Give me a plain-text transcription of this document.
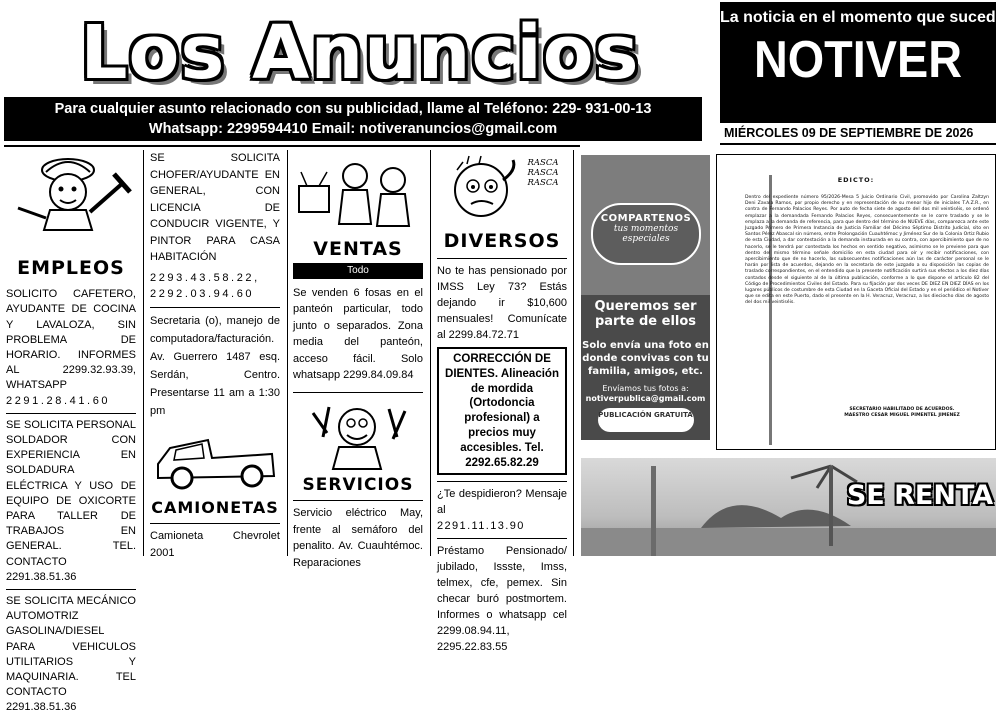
Los Anuncios
Para cualquier asunto relacionado con su publicidad, llame al Teléfono: 229- 931-00-13
Whatsapp: 2299594410 Email: notiveranuncios@gmail.com
La noticia en el momento que sucede
NOTIVER
MIÉRCOLES 09 DE SEPTIEMBRE DE 2026
EMPLEOS

SOLICITO CAFETERO, AYUDANTE DE COCINA Y LAVALOZA, SIN PROBLEMA DE HORARIO. INFORMES AL 2299.32.93.39, WHATSAPP

2291.28.41.60

SE SOLICITA PERSONAL SOLDADOR CON EXPERIENCIA EN SOLDADURA ELÉCTRICA Y USO DE EQUIPO DE OXICORTE PARA TALLER DE TRABAJOS EN GENERAL. TEL. CONTACTO 2291.38.51.36

SE SOLICITA MECÁNICO AUTOMOTRIZ GASOLINA/DIESEL PARA VEHICULOS UTILITARIOS Y MAQUINARIA. TEL CONTACTO 2291.38.51.36

SE SOLICITA CHOFER/AYUDANTE EN GENERAL, CON LICENCIA DE CONDUCIR VIGENTE, Y PINTOR PARA CASA HABITACIÓN

2293.43.58.22,

2292.03.94.60

Secretaria (o), manejo de computadora/facturación. Av. Guerrero 1487 esq. Serdán, Centro. Presentarse 11 am a 1:30 pm

CAMIONETAS

Camioneta Chevrolet 2001

VENTAS
Todo

Se venden 6 fosas en el panteón particular, todo junto o separados. Zona media del panteón, acceso fácil. Solo whatsapp 2299.84.09.84

SERVICIOS

Servicio eléctrico May, frente al semáforo del penalito. Av. Cuauhtémoc. Reparaciones

RASCA RASCA RASCA
DIVERSOS

No te has pensionado por IMSS Ley 73? Estás dejando ir $10,600 mensuales! Comunícate al 2299.84.72.71

CORRECCIÓN DE DIENTES. Alineación de mordida (Ortodoncia profesional) a precios muy accesibles. Tel. 2292.65.82.29

¿Te despidieron? Mensaje al

2291.11.13.90

Préstamo Pensionado/ jubilado, Issste, Imss, telmex, cfe, pemex. Sin checar buró postmortem. Informes o whatsapp cel 2299.08.94.11, 2295.22.83.55

COMPARTENOS
tus momentos especiales
Queremos ser parte de ellos
Solo envía una foto en donde convivas con tu familia, amigos, etc.
Envíamos tus fotos a:
notiverpublica@gmail.com
PUBLICACIÓN GRATUITA
EDICTO:
Dentro del expediente número 95/2026-Mesa 5 Juicio Ordinario Civil, promovido por Carolina Zaltzyn Deni Zavala Ramos, por propio derecho y en representación de su menor hijo de iniciales T.A.Z.R., en contra de Fernando Palacios Reyes. Por auto de fecha siete de agosto del dos mil veintiséis, se ordenó emplazar a la demandada Fernando Palacios Reyes, consecuentemente se le corre traslado y se le emplaza a la demanda de referencia, para que dentro del término de NUEVE días, comparezca ante este Juzgado Primero de Primera Instancia de Justicia Familiar del Décimo Séptimo Distrito Judicial, sito en Santos Pérez Abascal sin número, entre Prolongación Cuauhtémoc y Jiménez Sur de la Colonia Ortiz Rubio de esta Ciudad, a dar contestación a la demanda instaurada en su contra, con apercibimiento que de no hacerlo, se le tendrá por contestada los hechos en sentido negativo, asimismo se le previene para que dentro del mismo término señale domicilio en esta ciudad para oír y recibir notificaciones, con apercibimiento que de no hacerlo, las subsecuentes notificaciones aún las de carácter personal se le harán por lista de acuerdos, dejando en la secretaría de este juzgado a su disposición las copias de traslado correspondientes, en el entendido que la presente notificación surtirá sus efectos a los diez días contados desde el siguiente al de la última publicación, conforme a lo que dispone el artículo 82 del Código de Procedimientos Civiles del Estado. Para su fijación por dos veces DE DIEZ EN DIEZ DÍAS en los lugares públicos de costumbre de esta Ciudad en la Gaceta Oficial del Estado y en el periódico el Notiver que se edita en este Puerto, dado el presente en la H. Veracruz, Veracruz, a los dieciocho días de agosto del dos mil veintiséis.
SECRETARIO HABILITADO DE ACUERDOS. MAESTRO CESAR MIGUEL PIMENTEL JIMENEZ
SE RENTA
